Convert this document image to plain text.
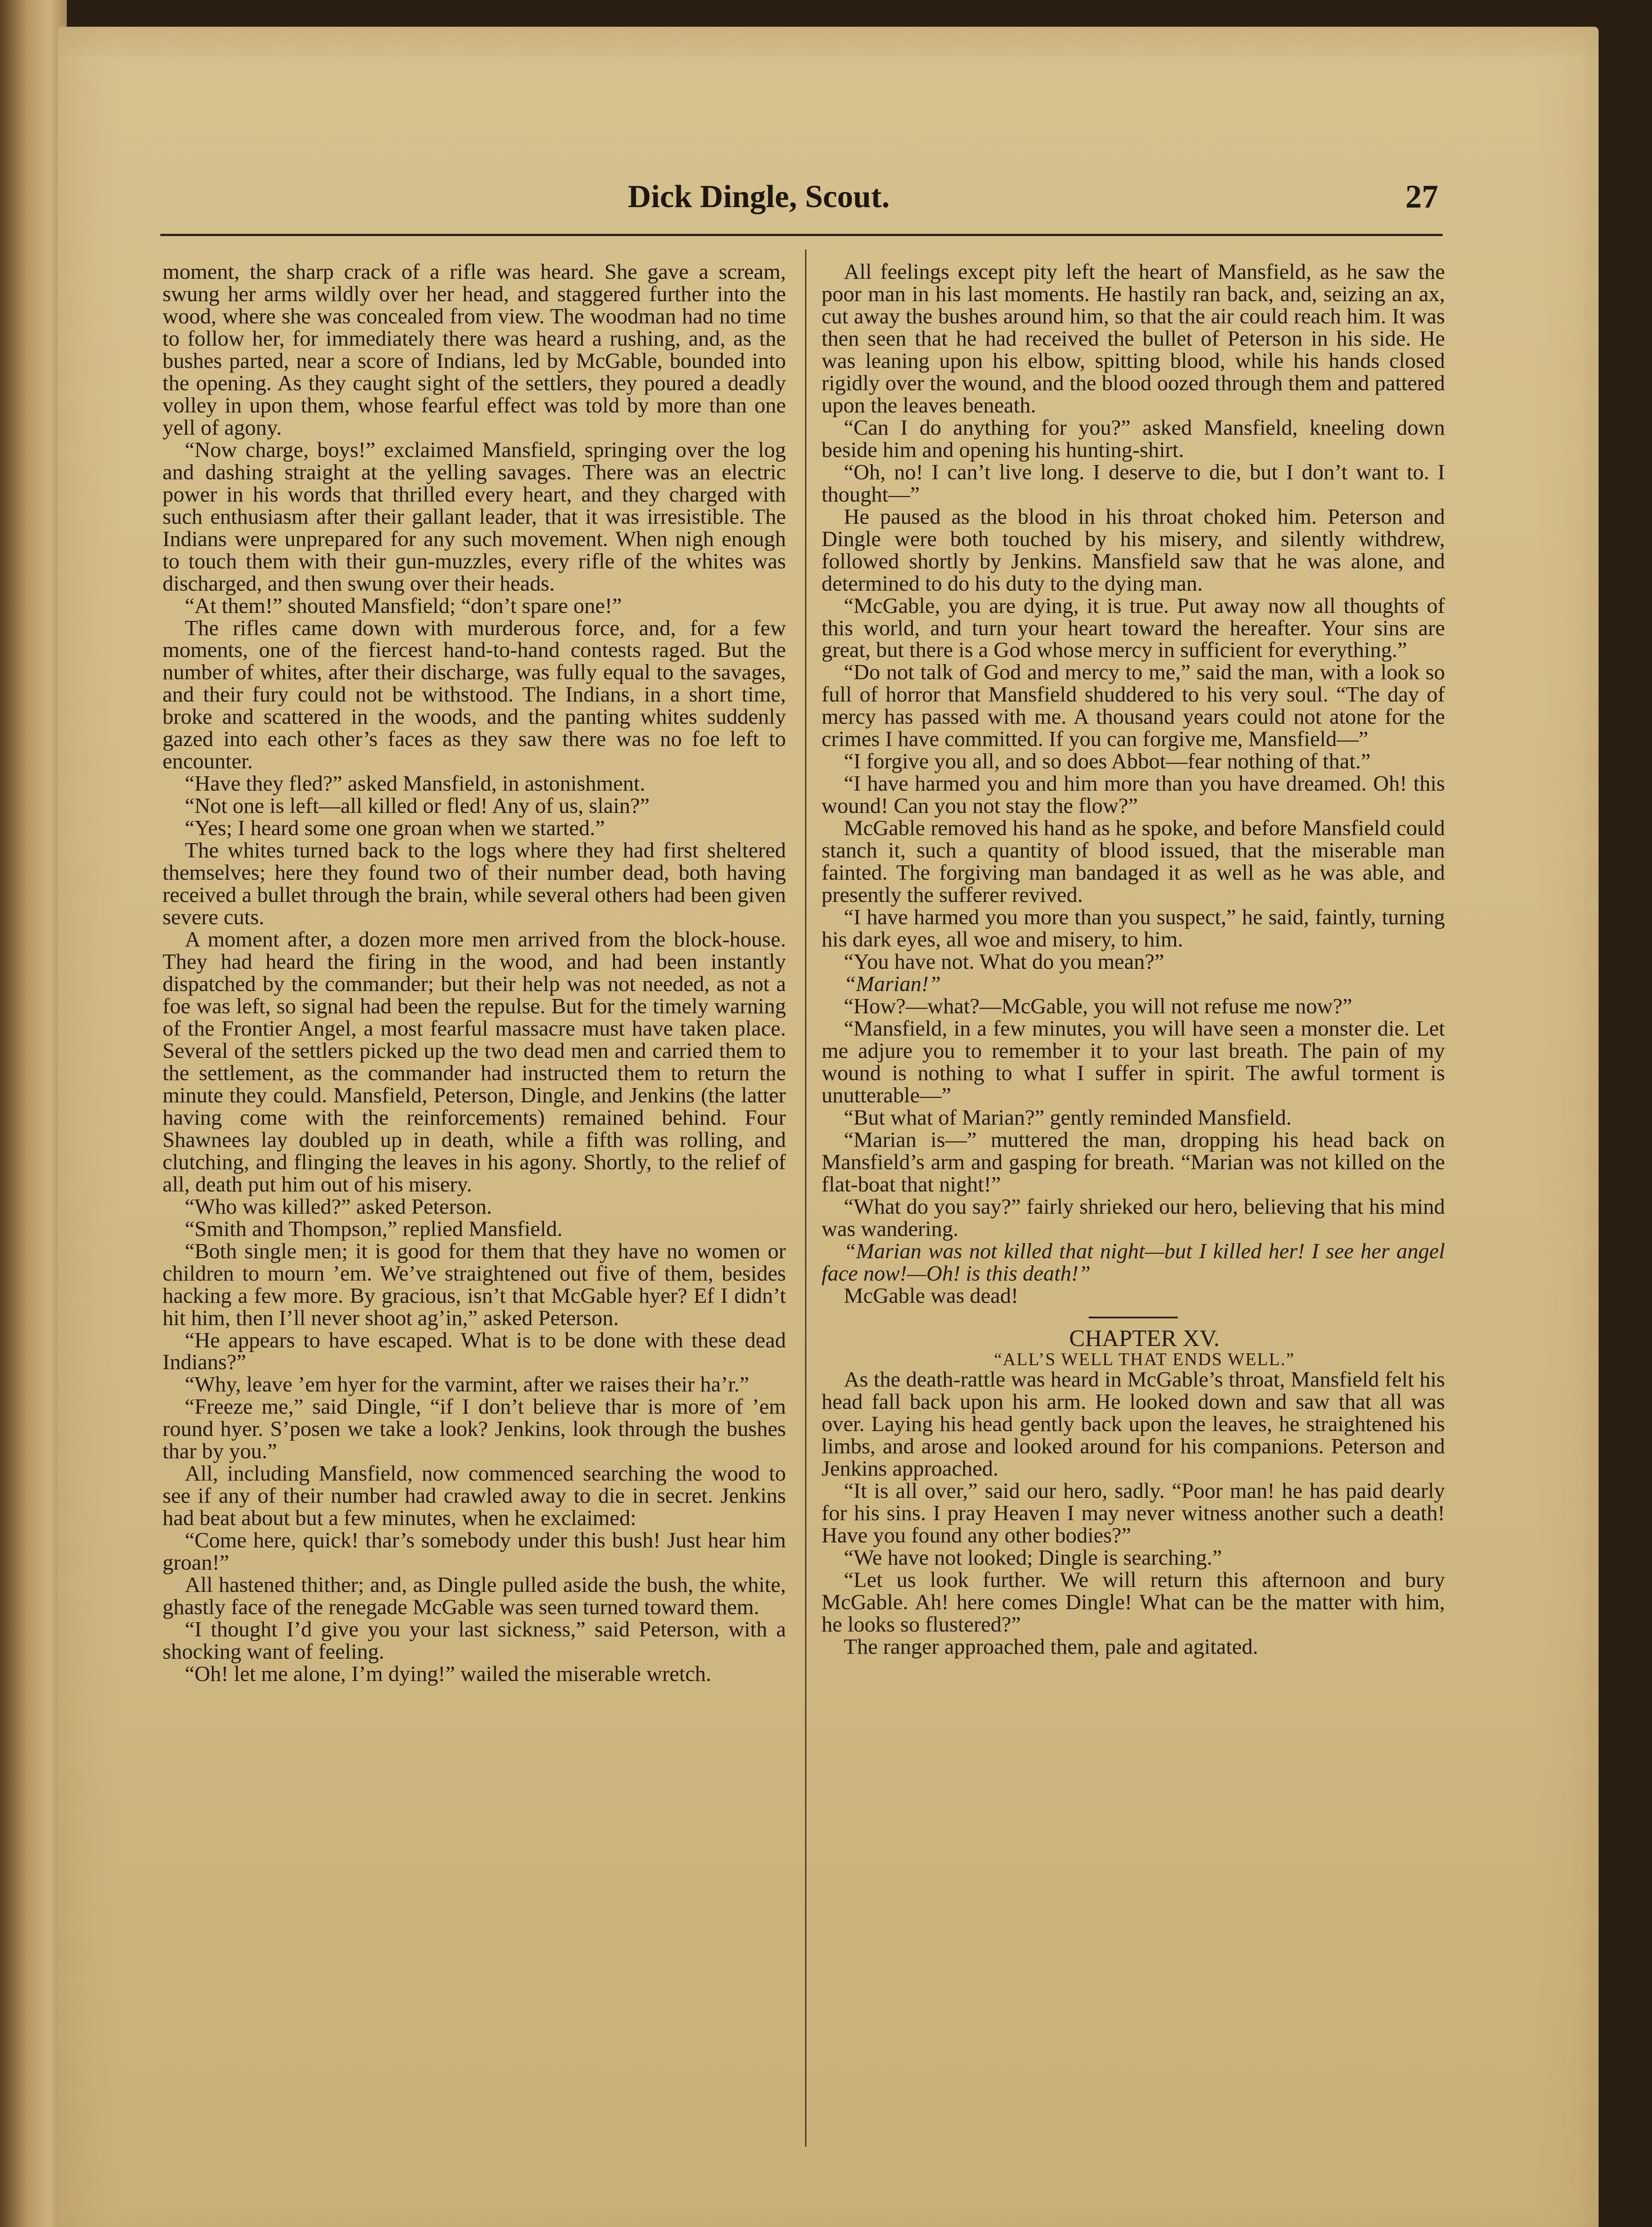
Dick Dingle, Scout.	27

moment, the sharp crack of a rifle was heard. She gave a scream, swung her arms wildly over her head, and staggered further into the wood, where she was concealed from view. The woodman had no time to follow her, for immediately there was heard a rushing, and, as the bushes parted, near a score of Indians, led by McGable, bounded into the opening. As they caught sight of the settlers, they poured a deadly volley in upon them, whose fearful effect was told by more than one yell of agony.

“Now charge, boys!” exclaimed Mansfield, springing over the log and dashing straight at the yelling savages. There was an electric power in his words that thrilled every heart, and they charged with such enthusiasm after their gallant leader, that it was irresistible. The Indians were unprepared for any such movement. When nigh enough to touch them with their gun-muzzles, every rifle of the whites was discharged, and then swung over their heads.

“At them!” shouted Mansfield; “don’t spare one!”

The rifles came down with murderous force, and, for a few moments, one of the fiercest hand-to-hand contests raged. But the number of whites, after their discharge, was fully equal to the savages, and their fury could not be withstood. The Indians, in a short time, broke and scattered in the woods, and the panting whites suddenly gazed into each other’s faces as they saw there was no foe left to encounter.

“Have they fled?” asked Mansfield, in astonishment.

“Not one is left—all killed or fled! Any of us, slain?”

“Yes; I heard some one groan when we started.”

The whites turned back to the logs where they had first sheltered themselves; here they found two of their number dead, both having received a bullet through the brain, while several others had been given severe cuts.

A moment after, a dozen more men arrived from the block-house. They had heard the firing in the wood, and had been instantly dispatched by the commander; but their help was not needed, as not a foe was left, so signal had been the repulse. But for the timely warning of the Frontier Angel, a most fearful massacre must have taken place. Several of the settlers picked up the two dead men and carried them to the settlement, as the commander had instructed them to return the minute they could. Mansfield, Peterson, Dingle, and Jenkins (the latter having come with the reinforcements) remained behind. Four Shawnees lay doubled up in death, while a fifth was rolling, and clutching, and flinging the leaves in his agony. Shortly, to the relief of all, death put him out of his misery.

“Who was killed?” asked Peterson.

“Smith and Thompson,” replied Mansfield.

“Both single men; it is good for them that they have no women or children to mourn ’em. We’ve straightened out five of them, besides hacking a few more. By gracious, isn’t that McGable hyer? Ef I didn’t hit him, then I’ll never shoot ag’in,” asked Peterson.

“He appears to have escaped. What is to be done with these dead Indians?”

“Why, leave ’em hyer for the varmint, after we raises their ha’r.”

“Freeze me,” said Dingle, “if I don’t believe thar is more of ’em round hyer. S’posen we take a look? Jenkins, look through the bushes thar by you.”

All, including Mansfield, now commenced searching the wood to see if any of their number had crawled away to die in secret. Jenkins had beat about but a few minutes, when he exclaimed:

“Come here, quick! thar’s somebody under this bush! Just hear him groan!”

All hastened thither; and, as Dingle pulled aside the bush, the white, ghastly face of the renegade McGable was seen turned toward them.

“I thought I’d give you your last sickness,” said Peterson, with a shocking want of feeling.

“Oh! let me alone, I’m dying!” wailed the miserable wretch.

All feelings except pity left the heart of Mansfield, as he saw the poor man in his last moments. He hastily ran back, and, seizing an ax, cut away the bushes around him, so that the air could reach him. It was then seen that he had received the bullet of Peterson in his side. He was leaning upon his elbow, spitting blood, while his hands closed rigidly over the wound, and the blood oozed through them and pattered upon the leaves beneath.

“Can I do anything for you?” asked Mansfield, kneeling down beside him and opening his hunting-shirt.

“Oh, no! I can’t live long. I deserve to die, but I don’t want to. I thought—”

He paused as the blood in his throat choked him. Peterson and Dingle were both touched by his misery, and silently withdrew, followed shortly by Jenkins. Mansfield saw that he was alone, and determined to do his duty to the dying man.

“McGable, you are dying, it is true. Put away now all thoughts of this world, and turn your heart toward the hereafter. Your sins are great, but there is a God whose mercy in sufficient for everything.”

“Do not talk of God and mercy to me,” said the man, with a look so full of horror that Mansfield shuddered to his very soul. “The day of mercy has passed with me. A thousand years could not atone for the crimes I have committed. If you can forgive me, Mansfield—”

“I forgive you all, and so does Abbot—fear nothing of that.”

“I have harmed you and him more than you have dreamed. Oh! this wound! Can you not stay the flow?”

McGable removed his hand as he spoke, and before Mansfield could stanch it, such a quantity of blood issued, that the miserable man fainted. The forgiving man bandaged it as well as he was able, and presently the sufferer revived.

“I have harmed you more than you suspect,” he said, faintly, turning his dark eyes, all woe and misery, to him.

“You have not. What do you mean?”

“Marian!”

“How?—what?—McGable, you will not refuse me now?”

“Mansfield, in a few minutes, you will have seen a monster die. Let me adjure you to remember it to your last breath. The pain of my wound is nothing to what I suffer in spirit. The awful torment is unutterable—”

“But what of Marian?” gently reminded Mansfield.

“Marian is—” muttered the man, dropping his head back on Mansfield’s arm and gasping for breath. “Marian was not killed on the flat-boat that night!”

“What do you say?” fairly shrieked our hero, believing that his mind was wandering.

“Marian was not killed that night—but I killed her! I see her angel face now!—Oh! is this death!”

McGable was dead!

CHAPTER XV.

“ALL’S WELL THAT ENDS WELL.”

As the death-rattle was heard in McGable’s throat, Mansfield felt his head fall back upon his arm. He looked down and saw that all was over. Laying his head gently back upon the leaves, he straightened his limbs, and arose and looked around for his companions. Peterson and Jenkins approached.

“It is all over,” said our hero, sadly. “Poor man! he has paid dearly for his sins. I pray Heaven I may never witness another such a death! Have you found any other bodies?”

“We have not looked; Dingle is searching.”

“Let us look further. We will return this afternoon and bury McGable. Ah! here comes Dingle! What can be the matter with him, he looks so flustered?”

The ranger approached them, pale and agitated.
